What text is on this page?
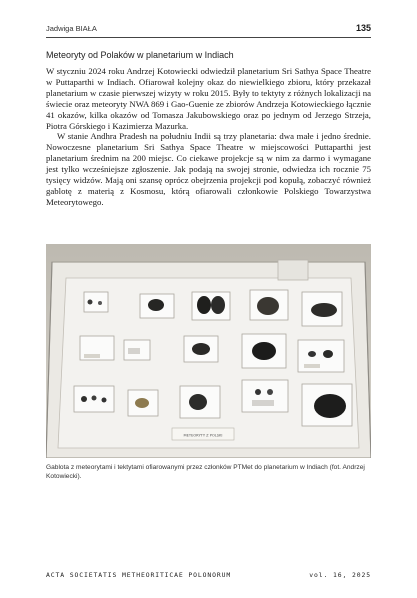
Jadwiga BIAŁA	135
Meteoryty od Polaków w planetarium w Indiach

W styczniu 2024 roku Andrzej Kotowiecki odwiedził planetarium Sri Sathya Space Theatre w Puttaparthi w Indiach. Ofiarował kolejny okaz do niewielkiego zbioru, który przekazał planetarium w czasie pierwszej wizyty w roku 2015. Były to tektyty z różnych lokalizacji na świecie oraz meteoryty NWA 869 i Gao-Guenie ze zbiorów Andrzeja Kotowieckiego łącznie 41 okazów, kilka okazów od Tomasza Jakubowskiego oraz po jednym od Jerzego Strzeja, Piotra Górskiego i Kazimierza Mazurka.

W stanie Andhra Pradesh na południu Indii są trzy planetaria: dwa małe i jedno średnie. Nowoczesne planetarium Sri Sathya Space Theatre w miejscowości Puttaparthi jest planetarium średnim na 200 miejsc. Co ciekawe projekcje są w nim za darmo i wymagane jest tylko wcześniejsze zgłoszenie. Jak podają na swojej stronie, odwiedza ich rocznie 75 tysięcy widzów. Mają oni szansę oprócz obejrzenia projekcji pod kopułą, zobaczyć również gablotę z materią z Kosmosu, którą ofiarowali członkowie Polskiego Towarzystwa Meteorytowego.

METEORYTY Z POLSKI
Gablota z meteorytami i tektytami ofiarowanymi przez członków PTMet do planetarium w Indiach (fot. Andrzej Kotowiecki).
ACTA SOCIETATIS METHEORITICAE POLONORUM	vol. 16, 2025
